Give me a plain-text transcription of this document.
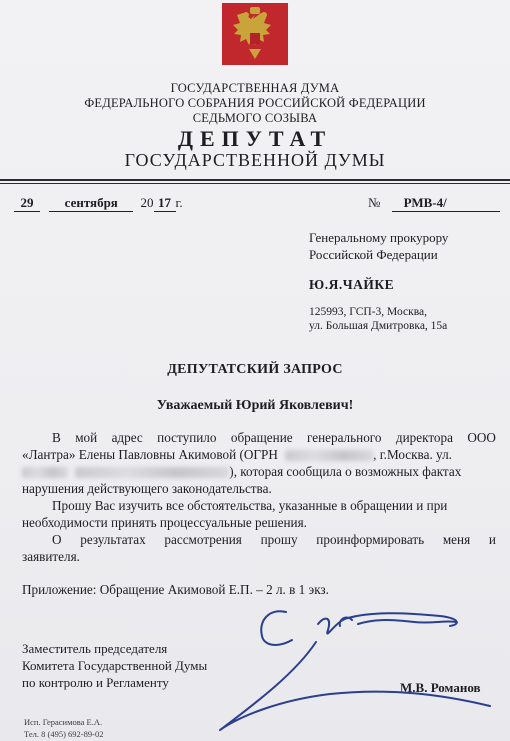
ГОСУДАРСТВЕННАЯ ДУМА
ФЕДЕРАЛЬНОГО СОБРАНИЯ РОССИЙСКОЙ ФЕДЕРАЦИИ
СЕДЬМОГО СОЗЫВА
ДЕПУТАТ
ГОСУДАРСТВЕННОЙ ДУМЫ
29 сентября 20 17 г.	№ РМВ-4/
Генеральному прокурору
Российской Федерации
Ю.Я.ЧАЙКЕ
125993, ГСП-3, Москва,
ул. Большая Дмитровка, 15а
ДЕПУТАТСКИЙ ЗАПРОС
Уважаемый Юрий Яковлевич!
В мой адрес поступило обращение генерального директора ООО
«Лантра» Елены Павловны Акимовой (ОГРН	, г.Москва. ул.
), которая сообщила о возможных фактах
нарушения действующего законодательства.
Прошу Вас изучить все обстоятельства, указанные в обращении и при
необходимости принять процессуальные решения.
О результатах рассмотрения прошу проинформировать меня и
заявителя.
Приложение: Обращение Акимовой Е.П. – 2 л. в 1 экз.
Заместитель председателя
Комитета Государственной Думы
по контролю и Регламенту	М.В. Романов
Исп. Герасимова Е.А.
Тел. 8 (495) 692-89-02
